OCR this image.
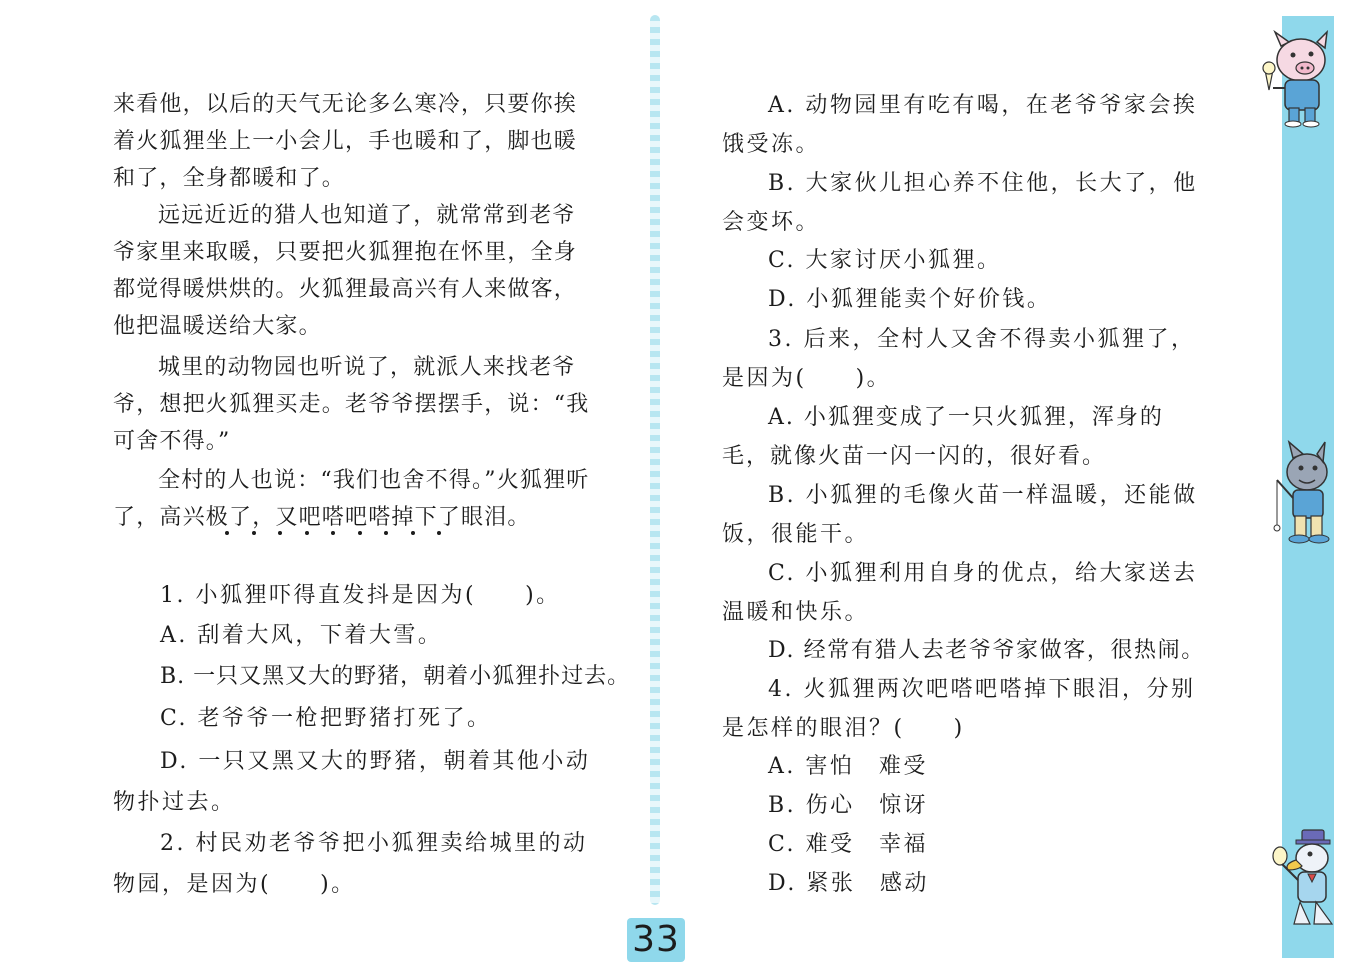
来看他，以后的天气无论多么寒冷，只要你挨着火狐狸坐上一小会儿，手也暖和了，脚也暖和了，全身都暖和了。

远远近近的猎人也知道了，就常常到老爷爷家里来取暖，只要把火狐狸抱在怀里，全身都觉得暖烘烘的。火狐狸最高兴有人来做客，他把温暖送给大家。

城里的动物园也听说了，就派人来找老爷爷，想把火狐狸买走。老爷爷摆摆手，说：“我可舍不得。”

全村的人也说：“我们也舍不得。”火狐狸听了，高兴极了，又吧嗒吧嗒掉下了眼泪。

1. 小狐狸吓得直发抖是因为(　　)。

A. 刮着大风，下着大雪。

B. 一只又黑又大的野猪，朝着小狐狸扑过去。

C. 老爷爷一枪把野猪打死了。

D. 一只又黑又大的野猪，朝着其他小动物扑过去。

2. 村民劝老爷爷把小狐狸卖给城里的动物园，是因为(　　)。

A. 动物园里有吃有喝，在老爷爷家会挨饿受冻。

B. 大家伙儿担心养不住他，长大了，他会变坏。

C. 大家讨厌小狐狸。

D. 小狐狸能卖个好价钱。

3. 后来，全村人又舍不得卖小狐狸了，是因为(　　)。

A. 小狐狸变成了一只火狐狸，浑身的毛，就像火苗一闪一闪的，很好看。

B. 小狐狸的毛像火苗一样温暖，还能做饭，很能干。

C. 小狐狸利用自身的优点，给大家送去温暖和快乐。

D. 经常有猎人去老爷爷家做客，很热闹。

4. 火狐狸两次吧嗒吧嗒掉下眼泪，分别是怎样的眼泪？(　　)

A. 害怕　难受

B. 伤心　惊讶

C. 难受　幸福

D. 紧张　感动

33
